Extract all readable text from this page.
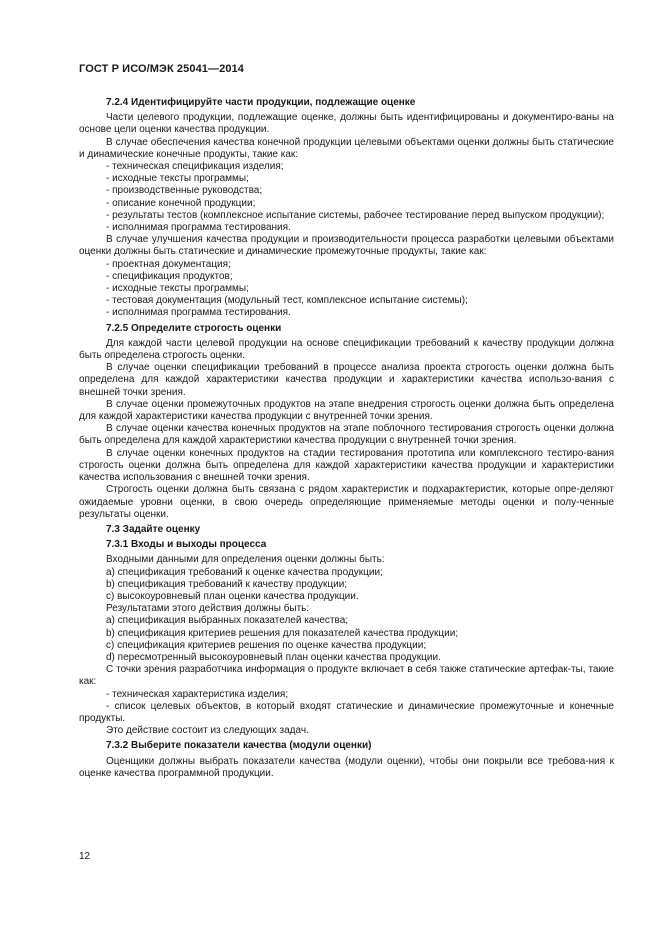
ГОСТ Р ИСО/МЭК 25041—2014
7.2.4 Идентифицируйте части продукции, подлежащие оценке
Части целевого продукции, подлежащие оценке, должны быть идентифицированы и документиро-ваны на основе цели оценки качества продукции.
В случае обеспечения качества конечной продукции целевыми объектами оценки должны быть статические и динамические конечные продукты, такие как:
- техническая спецификация изделия;
- исходные тексты программы;
- производственные руководства;
- описание конечной продукции;
- результаты тестов (комплексное испытание системы, рабочее тестирование перед выпуском продукции);
- исполнимая программа тестирования.
В случае улучшения качества продукции и производительности процесса разработки целевыми объектами оценки должны быть статические и динамические промежуточные продукты, такие как:
- проектная документация;
- спецификация продуктов;
- исходные тексты программы;
- тестовая документация (модульный тест, комплексное испытание системы);
- исполнимая программа тестирования.
7.2.5 Определите строгость оценки
Для каждой части целевой продукции на основе спецификации требований к качеству продукции должна быть определена строгость оценки.
В случае оценки спецификации требований в процессе анализа проекта строгость оценки должна быть определена для каждой характеристики качества продукции и характеристики качества использо-вания с внешней точки зрения.
В случае оценки промежуточных продуктов на этапе внедрения строгость оценки должна быть определена для каждой характеристики качества продукции с внутренней точки зрения.
В случае оценки качества конечных продуктов на этапе поблочного тестирования строгость оценки должна быть определена для каждой характеристики качества продукции с внутренней точки зрения.
В случае оценки конечных продуктов на стадии тестирования прототипа или комплексного тестиро-вания строгость оценки должна быть определена для каждой характеристики качества продукции и характеристики качества использования с внешней точки зрения.
Строгость оценки должна быть связана с рядом характеристик и подхарактеристик, которые опре-деляют ожидаемые уровни оценки, в свою очередь определяющие применяемые методы оценки и полу-ченные результаты оценки.
7.3 Задайте оценку
7.3.1 Входы и выходы процесса
Входными данными для определения оценки должны быть:
a) спецификация требований к оценке качества продукции;
b) спецификация требований к качеству продукции;
c) высокоуровневый план оценки качества продукции.
Результатами этого действия должны быть:
a) спецификация выбранных показателей качества;
b) спецификация критериев решения для показателей качества продукции;
c) спецификация критериев решения по оценке качества продукции;
d) пересмотренный высокоуровневый план оценки качества продукции.
С точки зрения разработчика информация о продукте включает в себя также статические артефак-ты, такие как:
- техническая характеристика изделия;
- список целевых объектов, в который входят статические и динамические промежуточные и конечные продукты.
Это действие состоит из следующих задач.
7.3.2 Выберите показатели качества (модули оценки)
Оценщики должны выбрать показатели качества (модули оценки), чтобы они покрыли все требова-ния к оценке качества программной продукции.
12
